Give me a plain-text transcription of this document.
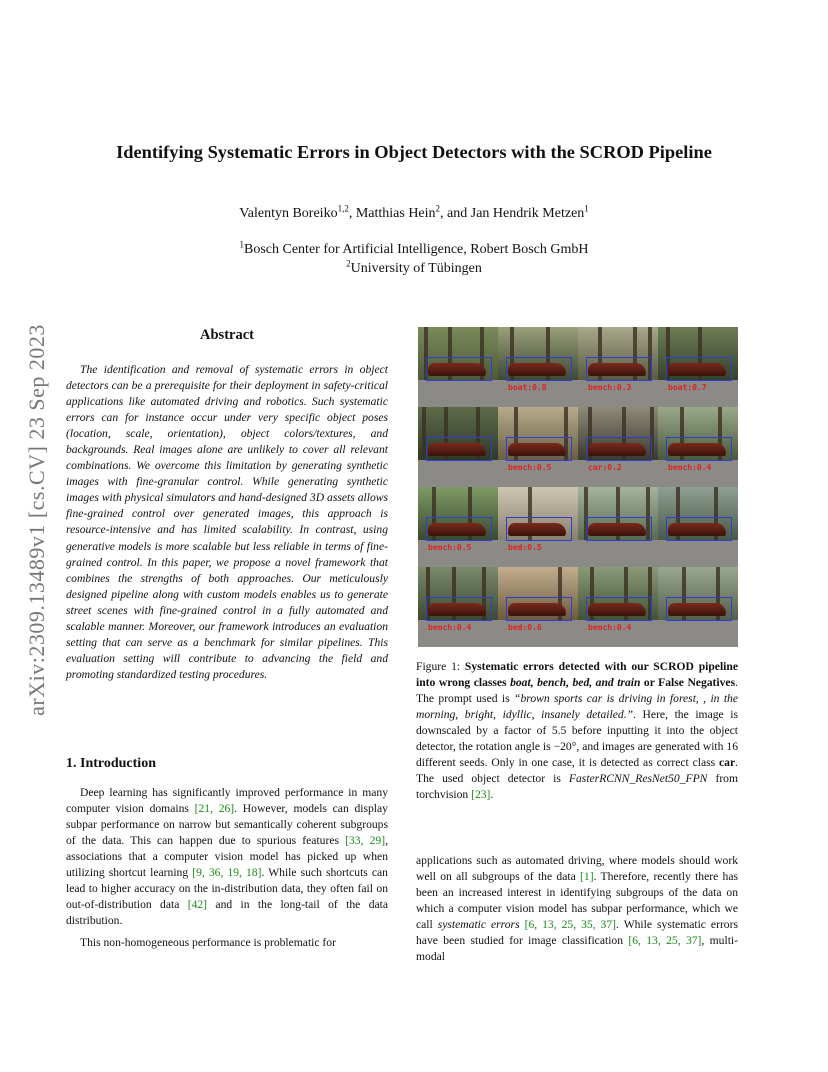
arXiv:2309.13489v1 [cs.CV] 23 Sep 2023
Identifying Systematic Errors in Object Detectors with the SCROD Pipeline
Valentyn Boreiko$^{1,2}$, Matthias Hein$^2$, and Jan Hendrik Metzen$^1$
$^1$Bosch Center for Artificial Intelligence, Robert Bosch GmbH
$^2$University of Tübingen
Abstract

The identification and removal of systematic errors in object detectors can be a prerequisite for their deployment in safety-critical applications like automated driving and robotics. Such systematic errors can for instance occur under very specific object poses (location, scale, orientation), object colors/textures, and backgrounds. Real images alone are unlikely to cover all relevant combinations. We overcome this limitation by generating synthetic images with fine-granular control. While generating synthetic images with physical simulators and hand-designed 3D assets allows fine-grained control over generated images, this approach is resource-intensive and has limited scalability. In contrast, using generative models is more scalable but less reliable in terms of fine-grained control. In this paper, we propose a novel framework that combines the strengths of both approaches. Our meticulously designed pipeline along with custom models enables us to generate street scenes with fine-grained control in a fully automated and scalable manner. Moreover, our framework introduces an evaluation setting that can serve as a benchmark for similar pipelines. This evaluation setting will contribute to advancing the field and promoting standardized testing procedures.

1. Introduction

Deep learning has significantly improved performance in many computer vision domains [21, 26]. However, models can display subpar performance on narrow but semantically coherent subgroups of the data. This can happen due to spurious features [33, 29], associations that a computer vision model has picked up when utilizing shortcut learning [9, 36, 19, 18]. While such shortcuts can lead to higher accuracy on the in-distribution data, they often fail on out-of-distribution data [42] and in the long-tail of the data distribution.

This non-homogeneous performance is problematic for

boat:0.8	bench:0.3	boat:0.7
bench:0.5	car:0.2	bench:0.4
bench:0.5	bed:0.5
bench:0.4	bed:0.6	bench:0.4
Figure 1: Systematic errors detected with our SCROD pipeline into wrong classes boat, bench, bed, and train or False Negatives. The prompt used is “brown sports car is driving in forest, , in the morning, bright, idyllic, insanely detailed.”. Here, the image is downscaled by a factor of 5.5 before inputting it into the object detector, the rotation angle is −20°, and images are generated with 16 different seeds. Only in one case, it is detected as correct class car. The used object detector is FasterRCNN_ResNet50_FPN from torchvision [23].
applications such as automated driving, where models should work well on all subgroups of the data [1]. Therefore, recently there has been an increased interest in identifying subgroups of the data on which a computer vision model has subpar performance, which we call systematic errors [6, 13, 25, 35, 37]. While systematic errors have been studied for image classification [6, 13, 25, 37], multi-modal
